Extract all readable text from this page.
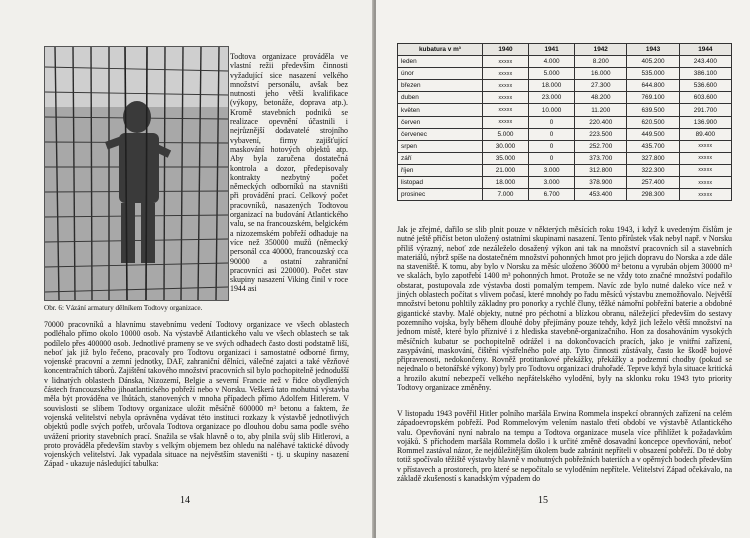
Obr. 6: Vázání armatury dělníkem Todtovy organizace.

Todtova organizace prováděla ve vlastní režii především činnosti vyžadující sice nasazení velkého množství personálu, avšak bez nutnosti jeho větší kvalifikace (výkopy, betonáže, doprava atp.). Kromě stavebních podniků se realizace opevnění účastnili i nejrůznější dodavatelé strojního vybavení, firmy zajišťující maskování hotových objektů atp. Aby byla zaručena dostatečná kontrola a dozor, předepisovaly kontrakty nezbytný počet německých odborníků na stavništi při provádění prací. Celkový počet pracovníků, nasazených Todtovou organizací na budování Atlantického valu, se na francouzském, belgickém a nizozemském pobřeží odhaduje na více než 350000 mužů (německý personál cca 40000, francouzský cca 90000 a ostatní zahraniční pracovníci asi 220000). Počet stav skupiny nasazení Viking činil v roce 1944 asi

70000 pracovníků a hlavnímu stavebnímu vedení Todtovy organizace ve všech oblastech podléhalo přímo okolo 10000 osob. Na výstavbě Atlantického valu ve všech oblastech se tak podílelo přes 400000 osob. Jednotlivé prameny se ve svých odhadech často dosti podstatně liší, neboť jak již bylo řečeno, pracovaly pro Todtovu organizaci i samostatné odborné firmy, vojenské pracovní a zemní jednotky, DAF, zahraniční dělníci, válečné zajatci a také vězňové koncentračních táborů. Zajištění takového množství pracovních sil bylo pochopitelně jednodušší v lidnatých oblastech Dánska, Nizozemí, Belgie a severní Francie než v řidce obydlených částech francouzského jihoatlantického pobřeží nebo v Norsku. Veškerá tato mohutná výstavba měla být prováděna ve lhůtách, stanovených v mnoha případech přímo Adolfem Hitlerem. V souvislosti se slibem Todtovy organizace uložit měsíčně 600000 m³ betonu a faktem, že vojenská velitelství nebyla oprávněna vydávat této instituci rozkazy k výstavbě jednotlivých objektů podle svých potřeb, určovala Todtova organizace po dlouhou dobu sama podle svého uvážení priority stavebních prací. Snažila se však hlavně o to, aby plnila svůj slib Hitlerovi, a proto prováděla především stavby s velkým objemem bez ohledu na naléhavé taktické důvody vojenských velitelství. Jak vypadala situace na nejvěstším staveništi - tj. u skupiny nasazení Západ - ukazuje následující tabulka:

14	15
kubatura v m³	1940	1941	1942	1943	1944
leden	xxxxx	4.000	8.200	405.200	243.400
únor	xxxxx	5.000	16.000	535.000	386.100
březen	xxxxx	18.000	27.300	644.800	536.600
duben	xxxxx	23.000	48.200	769.100	603.600
květen	xxxxx	10.000	11.200	639.500	291.700
červen	xxxxx	0	220.400	620.500	136.900
červenec	5.000	0	223.500	449.500	89.400
srpen	30.000	0	252.700	435.700	xxxxx
září	35.000	0	373.700	327.800	xxxxx
říjen	21.000	3.000	312.800	322.300	xxxxx
listopad	18.000	3.000	378.900	257.400	xxxxx
prosinec	7.000	6.700	453.400	298.300	xxxxx

Jak je zřejmé, dařilo se slib plnit pouze v některých měsících roku 1943, i když k uvedeným číslům je nutné ještě přičíst beton uložený ostatními skupinami nasazení. Tento přírůstek však nebyl např. v Norsku příliš výrazný, neboť zde nezáleželo dosažený výkon ani tak na množství pracovních sil a stavebních materiálů, nýbrž spíše na dostatečném množství pohonných hmot pro jejich dopravu do Norska a zde dále na staveniště. K tomu, aby bylo v Norsku za měsíc uloženo 36000 m³ betonu a vyrubán objem 30000 m³ ve skalách, bylo zapotřebí 1400 m³ pohonných hmot. Protože se ne vždy toto značné množství podařilo obstarat, postupovala zde výstavba dosti pomalým tempem. Navíc zde bylo nutné daleko více než v jiných oblastech počítat s vlivem počasí, které mnohdy po řadu měsíců výstavbu znemožňovalo. Největší množství betonu pohltily základny pro ponorky a rychlé čluny, těžké námořní pobřežní baterie a obdobné gigantické stavby. Malé objekty, nutné pro péchotní a blízkou obranu, náležející především do sestavy pozemního vojska, byly během dlouhé doby přejímány pouze tehdy, když jich leželo větší množství na jednom místě, které bylo příznivé i z hlediska stavebně-organizačního. Hon za dosahováním vysokých měsíčních kubatur se pochopitelně odrážel i na dokončovacích pracích, jako je vnitřní zařízení, zasypávání, maskování, čištění výstřelného pole atp. Tyto činnosti zůstávaly, často ke škodě bojové připravenosti, nedokončeny. Rovněž protitankové překážky, překážky a podzemní chodby (pokud se nejednalo o betonářské výkony) byly pro Todtovu organizaci druhořadé. Teprve když byla situace kritická a hrozilo akutní nebezpečí velkého nepřátelského vylodění, byly na sklonku roku 1943 tyto priority Todtovy organizace změněny.

V listopadu 1943 pověřil Hitler polního maršála Erwina Rommela inspekcí obranných zařízení na celém západoevropském pobřeží. Pod Rommelovým velením nastalo třetí období ve výstavbě Atlantického valu. Opevňování nyní nabralo na tempu a Todtova organizace musela více přihlížet k požadavkům vojáků. S příchodem maršála Rommela došlo i k určité změně dosavadní koncepce opevňování, neboť Rommel zastával názor, že nejdůležitějším úkolem bude zabránit nepříteli v obsazení pobřeží. Do té doby totiž spočívalo těžiště výstavby hlavně v mohutných pobřežních bateriích a v opěrných bodech především v přístavech a prostorech, pro které se nepočítalo se vyloděním nepřítele. Velitelství Západ očekávalo, na základě zkušeností s kanadským výpadem do
